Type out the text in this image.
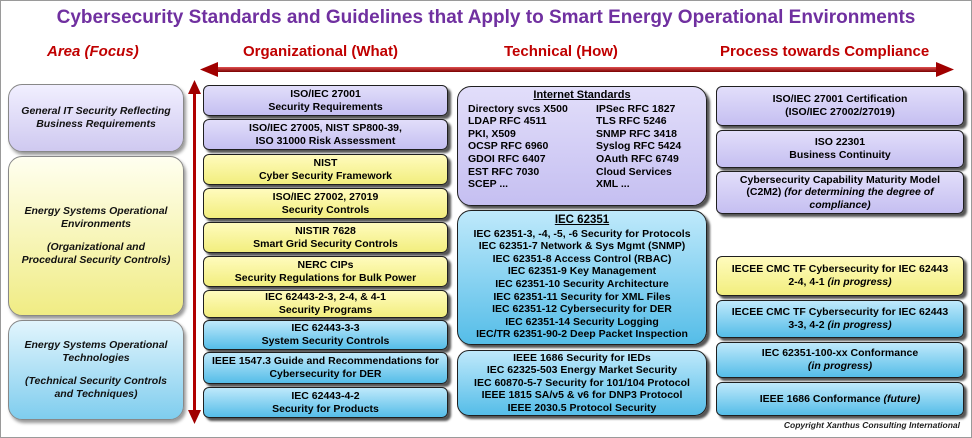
Cybersecurity Standards and Guidelines that Apply to Smart Energy Operational Environments
Area (Focus)	Organizational (What)	Technical (How)	Process towards Compliance
General IT Security Reflecting
Business Requirements
Energy Systems Operational
Environments
(Organizational and
Procedural Security Controls)
Energy Systems Operational
Technologies
(Technical Security Controls
and Techniques)
ISO/IEC 27001
Security Requirements
ISO/IEC 27005, NIST SP800-39,
ISO 31000 Risk Assessment
NIST
Cyber Security Framework
ISO/IEC 27002, 27019
Security Controls
NISTIR 7628
Smart Grid Security Controls
NERC CIPs
Security Regulations for Bulk Power
IEC 62443-2-3, 2-4, & 4-1
Security Programs
IEC 62443-3-3
System Security Controls
IEEE 1547.3 Guide and Recommendations for
Cybersecurity for DER
IEC 62443-4-2
Security for Products
Internet Standards
Directory svcs X500	IPSec RFC 1827
LDAP RFC 4511	TLS RFC 5246
PKI, X509	SNMP RFC 3418
OCSP RFC 6960	Syslog RFC 5424
GDOI RFC 6407	OAuth RFC 6749
EST RFC 7030	Cloud Services
SCEP ...	XML ...
IEC 62351
IEC 62351-3, -4, -5, -6 Security for Protocols
IEC 62351-7 Network & Sys Mgmt (SNMP)
IEC 62351-8 Access Control (RBAC)
IEC 62351-9 Key Management
IEC 62351-10 Security Architecture
IEC 62351-11 Security for XML Files
IEC 62351-12 Cybersecurity for DER
IEC 62351-14 Security Logging
IEC/TR 62351-90-2 Deep Packet Inspection
IEEE 1686 Security for IEDs
IEC 62325-503 Energy Market Security
IEC 60870-5-7 Security for 101/104 Protocol
IEEE 1815 SA/v5 & v6 for DNP3 Protocol
IEEE 2030.5 Protocol Security
ISO/IEC 27001 Certification
(ISO/IEC 27002/27019)
ISO 22301
Business Continuity
Cybersecurity Capability Maturity Model
(C2M2) (for determining the degree of
compliance)
IECEE CMC TF Cybersecurity for IEC 62443
2-4, 4-1 (in progress)
IECEE CMC TF Cybersecurity for IEC 62443
3-3, 4-2 (in progress)
IEC 62351-100-xx Conformance
(in progress)
IEEE 1686 Conformance (future)
Copyright Xanthus Consulting International
